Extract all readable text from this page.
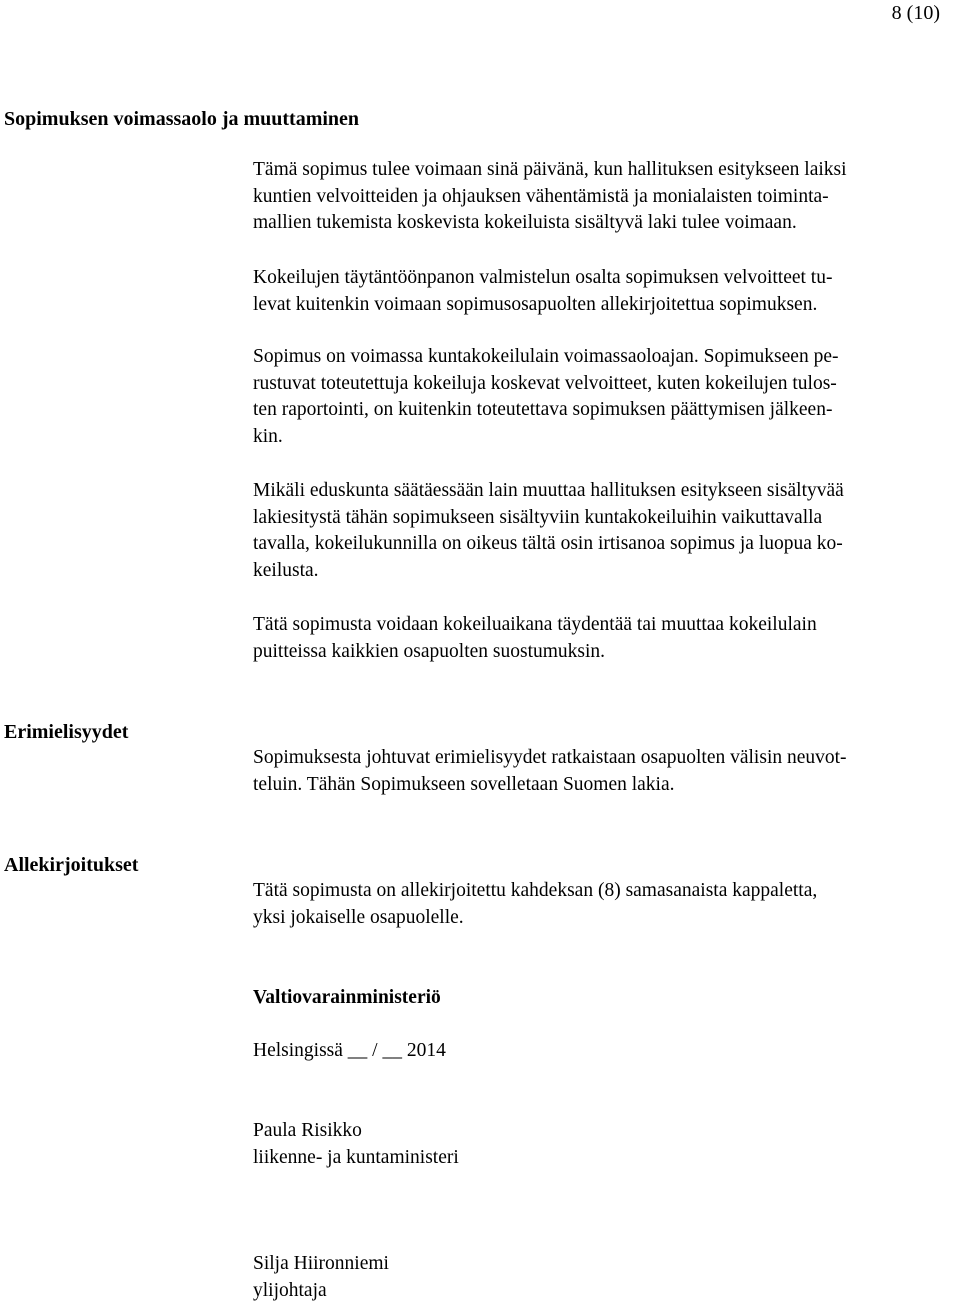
8 (10)
Sopimuksen voimassaolo ja muuttaminen
Tämä sopimus tulee voimaan sinä päivänä, kun hallituksen esitykseen laiksi
kuntien velvoitteiden ja ohjauksen vähentämistä ja monialaisten toiminta-
mallien tukemista koskevista kokeiluista sisältyvä laki tulee voimaan.
Kokeilujen täytäntöönpanon valmistelun osalta sopimuksen velvoitteet tu-
levat kuitenkin voimaan sopimusosapuolten allekirjoitettua sopimuksen.
Sopimus on voimassa kuntakokeilulain voimassaoloajan. Sopimukseen pe-
rustuvat toteutettuja kokeiluja koskevat velvoitteet, kuten kokeilujen tulos-
ten raportointi, on kuitenkin toteutettava sopimuksen päättymisen jälkeen-
kin.
Mikäli eduskunta säätäessään lain muuttaa hallituksen esitykseen sisältyvää
lakiesitystä tähän sopimukseen sisältyviin kuntakokeiluihin vaikuttavalla
tavalla, kokeilukunnilla on oikeus tältä osin irtisanoa sopimus ja luopua ko-
keilusta.
Tätä sopimusta voidaan kokeiluaikana täydentää tai muuttaa kokeilulain
puitteissa kaikkien osapuolten suostumuksin.
Erimielisyydet
Sopimuksesta johtuvat erimielisyydet ratkaistaan osapuolten välisin neuvot-
teluin. Tähän Sopimukseen sovelletaan Suomen lakia.
Allekirjoitukset
Tätä sopimusta on allekirjoitettu kahdeksan (8) samasanaista kappaletta,
yksi jokaiselle osapuolelle.
Valtiovarainministeriö
Helsingissä __ / __ 2014
Paula Risikko
liikenne- ja kuntaministeri
Silja Hiironniemi
ylijohtaja
